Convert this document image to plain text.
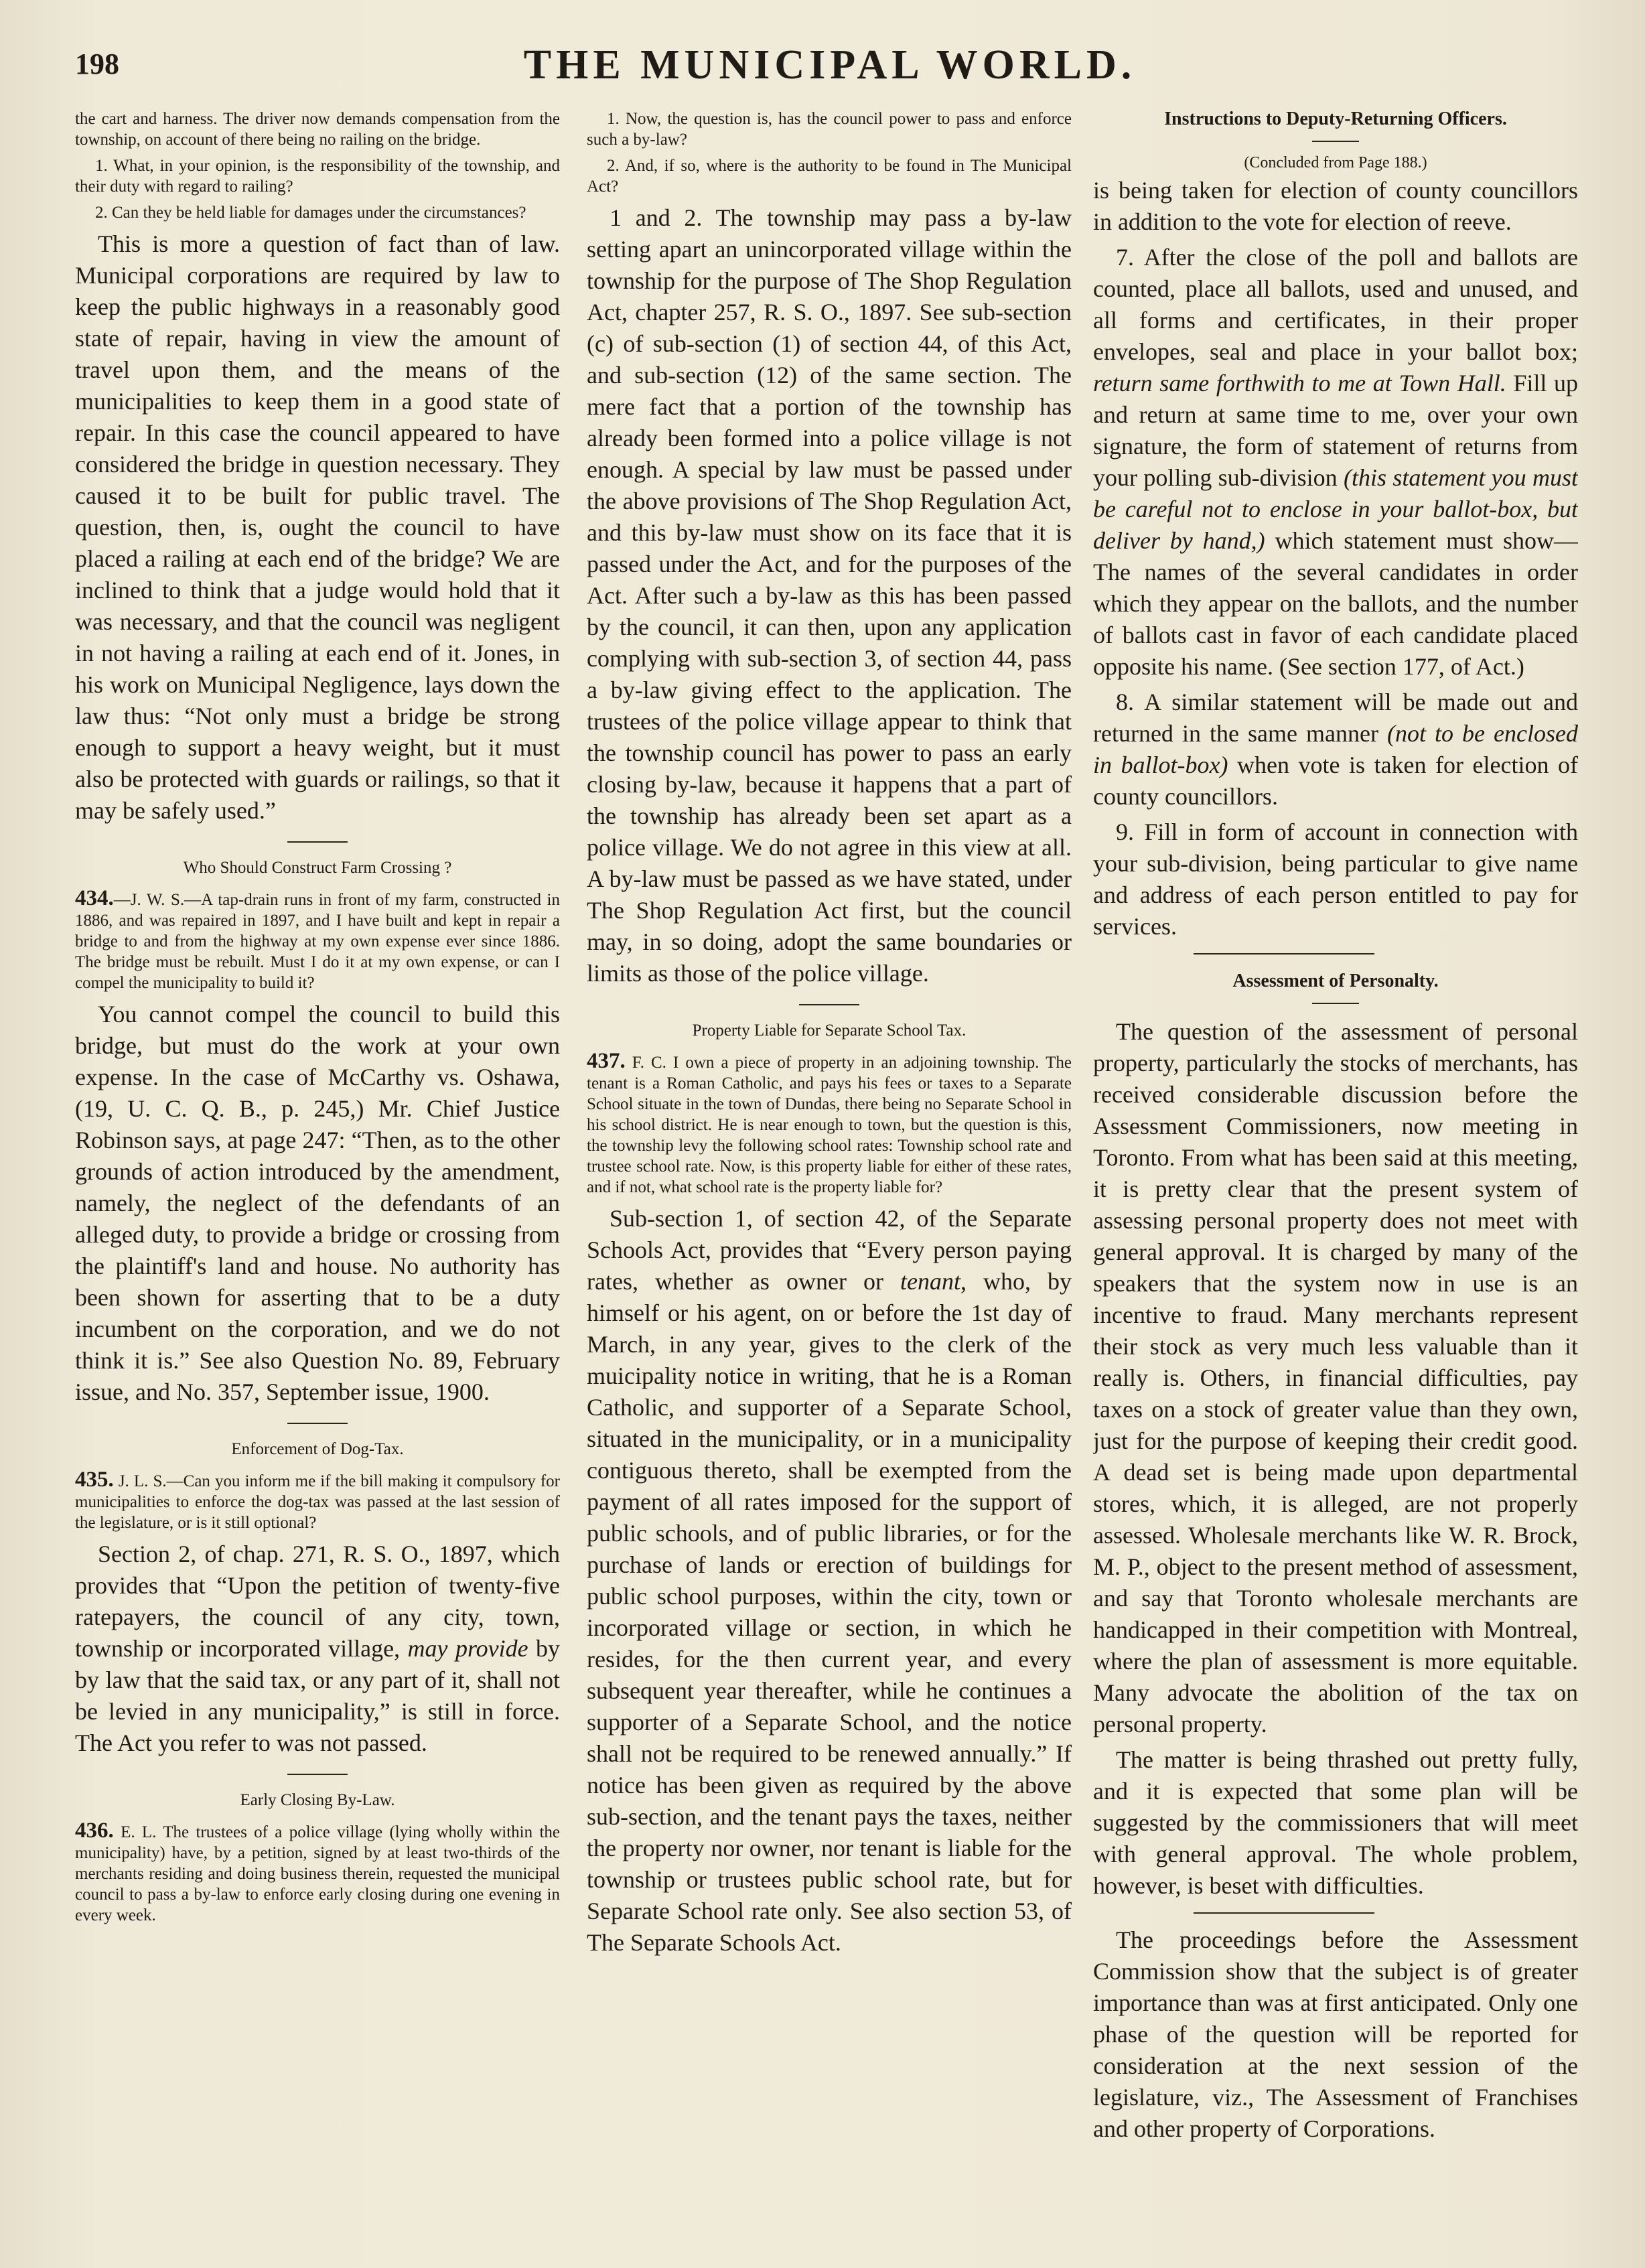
198	THE MUNICIPAL WORLD.

the cart and harness. The driver now demands compensation from the township, on account of there being no railing on the bridge.

1. What, in your opinion, is the responsibility of the township, and their duty with regard to railing?

2. Can they be held liable for damages under the circumstances?

This is more a question of fact than of law. Municipal corporations are required by law to keep the public highways in a reasonably good state of repair, having in view the amount of travel upon them, and the means of the municipalities to keep them in a good state of repair. In this case the council appeared to have considered the bridge in question necessary. They caused it to be built for public travel. The question, then, is, ought the council to have placed a railing at each end of the bridge? We are inclined to think that a judge would hold that it was necessary, and that the council was negligent in not having a railing at each end of it. Jones, in his work on Municipal Negligence, lays down the law thus: “Not only must a bridge be strong enough to support a heavy weight, but it must also be protected with guards or railings, so that it may be safely used.”

Who Should Construct Farm Crossing ?

434.—J. W. S.—A tap-drain runs in front of my farm, constructed in 1886, and was repaired in 1897, and I have built and kept in repair a bridge to and from the highway at my own expense ever since 1886. The bridge must be rebuilt. Must I do it at my own expense, or can I compel the municipality to build it?

You cannot compel the council to build this bridge, but must do the work at your own expense. In the case of McCarthy vs. Oshawa, (19, U. C. Q. B., p. 245,) Mr. Chief Justice Robinson says, at page 247: “Then, as to the other grounds of action introduced by the amendment, namely, the neglect of the defendants of an alleged duty, to provide a bridge or crossing from the plaintiff's land and house. No authority has been shown for asserting that to be a duty incumbent on the corporation, and we do not think it is.” See also Question No. 89, February issue, and No. 357, September issue, 1900.

Enforcement of Dog-Tax.

435. J. L. S.—Can you inform me if the bill making it compulsory for municipalities to enforce the dog-tax was passed at the last session of the legislature, or is it still optional?

Section 2, of chap. 271, R. S. O., 1897, which provides that “Upon the petition of twenty-five ratepayers, the council of any city, town, township or incorporated village, may provide by by law that the said tax, or any part of it, shall not be levied in any municipality,” is still in force. The Act you refer to was not passed.

Early Closing By-Law.

436. E. L. The trustees of a police village (lying wholly within the municipality) have, by a petition, signed by at least two-thirds of the merchants residing and doing business therein, requested the municipal council to pass a by-law to enforce early closing during one evening in every week.

1. Now, the question is, has the council power to pass and enforce such a by-law?

2. And, if so, where is the authority to be found in The Municipal Act?

1 and 2. The township may pass a by-law setting apart an unincorporated village within the township for the purpose of The Shop Regulation Act, chapter 257, R. S. O., 1897. See sub-section (c) of sub-section (1) of section 44, of this Act, and sub-section (12) of the same section. The mere fact that a portion of the township has already been formed into a police village is not enough. A special by law must be passed under the above provisions of The Shop Regulation Act, and this by-law must show on its face that it is passed under the Act, and for the purposes of the Act. After such a by-law as this has been passed by the council, it can then, upon any application complying with sub-section 3, of section 44, pass a by-law giving effect to the application. The trustees of the police village appear to think that the township council has power to pass an early closing by-law, because it happens that a part of the township has already been set apart as a police village. We do not agree in this view at all. A by-law must be passed as we have stated, under The Shop Regulation Act first, but the council may, in so doing, adopt the same boundaries or limits as those of the police village.

Property Liable for Separate School Tax.

437. F. C. I own a piece of property in an adjoining township. The tenant is a Roman Catholic, and pays his fees or taxes to a Separate School situate in the town of Dundas, there being no Separate School in his school district. He is near enough to town, but the question is this, the township levy the following school rates: Township school rate and trustee school rate. Now, is this property liable for either of these rates, and if not, what school rate is the property liable for?

Sub-section 1, of section 42, of the Separate Schools Act, provides that “Every person paying rates, whether as owner or tenant, who, by himself or his agent, on or before the 1st day of March, in any year, gives to the clerk of the muicipality notice in writing, that he is a Roman Catholic, and supporter of a Separate School, situated in the municipality, or in a municipality contiguous thereto, shall be exempted from the payment of all rates imposed for the support of public schools, and of public libraries, or for the purchase of lands or erection of buildings for public school purposes, within the city, town or incorporated village or section, in which he resides, for the then current year, and every subsequent year thereafter, while he continues a supporter of a Separate School, and the notice shall not be required to be renewed annually.” If notice has been given as required by the above sub-section, and the tenant pays the taxes, neither the property nor owner, nor tenant is liable for the township or trustees public school rate, but for Separate School rate only. See also section 53, of The Separate Schools Act.

Instructions to Deputy-Returning Officers.
(Concluded from Page 188.)

is being taken for election of county councillors in addition to the vote for election of reeve.

7. After the close of the poll and ballots are counted, place all ballots, used and unused, and all forms and certificates, in their proper envelopes, seal and place in your ballot box; return same forthwith to me at Town Hall. Fill up and return at same time to me, over your own signature, the form of statement of returns from your polling sub-division (this statement you must be careful not to enclose in your ballot-box, but deliver by hand,) which statement must show—The names of the several candidates in order which they appear on the ballots, and the number of ballots cast in favor of each candidate placed opposite his name. (See section 177, of Act.)

8. A similar statement will be made out and returned in the same manner (not to be enclosed in ballot-box) when vote is taken for election of county councillors.

9. Fill in form of account in connection with your sub-division, being particular to give name and address of each person entitled to pay for services.

Assessment of Personalty.

The question of the assessment of personal property, particularly the stocks of merchants, has received considerable discussion before the Assessment Commissioners, now meeting in Toronto. From what has been said at this meeting, it is pretty clear that the present system of assessing personal property does not meet with general approval. It is charged by many of the speakers that the system now in use is an incentive to fraud. Many merchants represent their stock as very much less valuable than it really is. Others, in financial difficulties, pay taxes on a stock of greater value than they own, just for the purpose of keeping their credit good. A dead set is being made upon departmental stores, which, it is alleged, are not properly assessed. Wholesale merchants like W. R. Brock, M. P., object to the present method of assessment, and say that Toronto wholesale merchants are handicapped in their competition with Montreal, where the plan of assessment is more equitable. Many advocate the abolition of the tax on personal property.

The matter is being thrashed out pretty fully, and it is expected that some plan will be suggested by the commissioners that will meet with general approval. The whole problem, however, is beset with difficulties.

The proceedings before the Assessment Commission show that the subject is of greater importance than was at first anticipated. Only one phase of the question will be reported for consideration at the next session of the legislature, viz., The Assessment of Franchises and other property of Corporations.
